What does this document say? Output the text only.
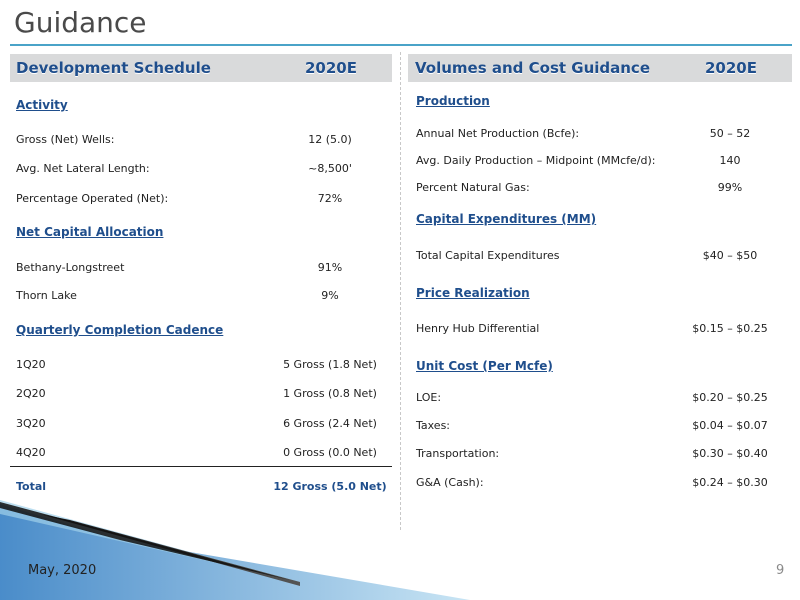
Guidance
Development Schedule	2020E
Activity
Gross (Net) Wells:	12 (5.0)
Avg. Net Lateral Length:	~8,500'
Percentage Operated (Net):	72%
Net Capital Allocation
Bethany-Longstreet	91%
Thorn Lake	9%
Quarterly Completion Cadence
1Q20	5 Gross (1.8 Net)
2Q20	1 Gross (0.8 Net)
3Q20	6 Gross (2.4 Net)
4Q20	0 Gross (0.0 Net)
Total	12 Gross (5.0 Net)
Volumes and Cost Guidance	2020E
Production
Annual Net Production (Bcfe):	50 – 52
Avg. Daily Production – Midpoint (MMcfe/d):	140
Percent Natural Gas:	99%
Capital Expenditures (MM)
Total Capital Expenditures	$40 – $50
Price Realization
Henry Hub Differential	$0.15 – $0.25
Unit Cost (Per Mcfe)
LOE:	$0.20 – $0.25
Taxes:	$0.04 – $0.07
Transportation:	$0.30 – $0.40
G&A (Cash):	$0.24 – $0.30
May, 2020	9
